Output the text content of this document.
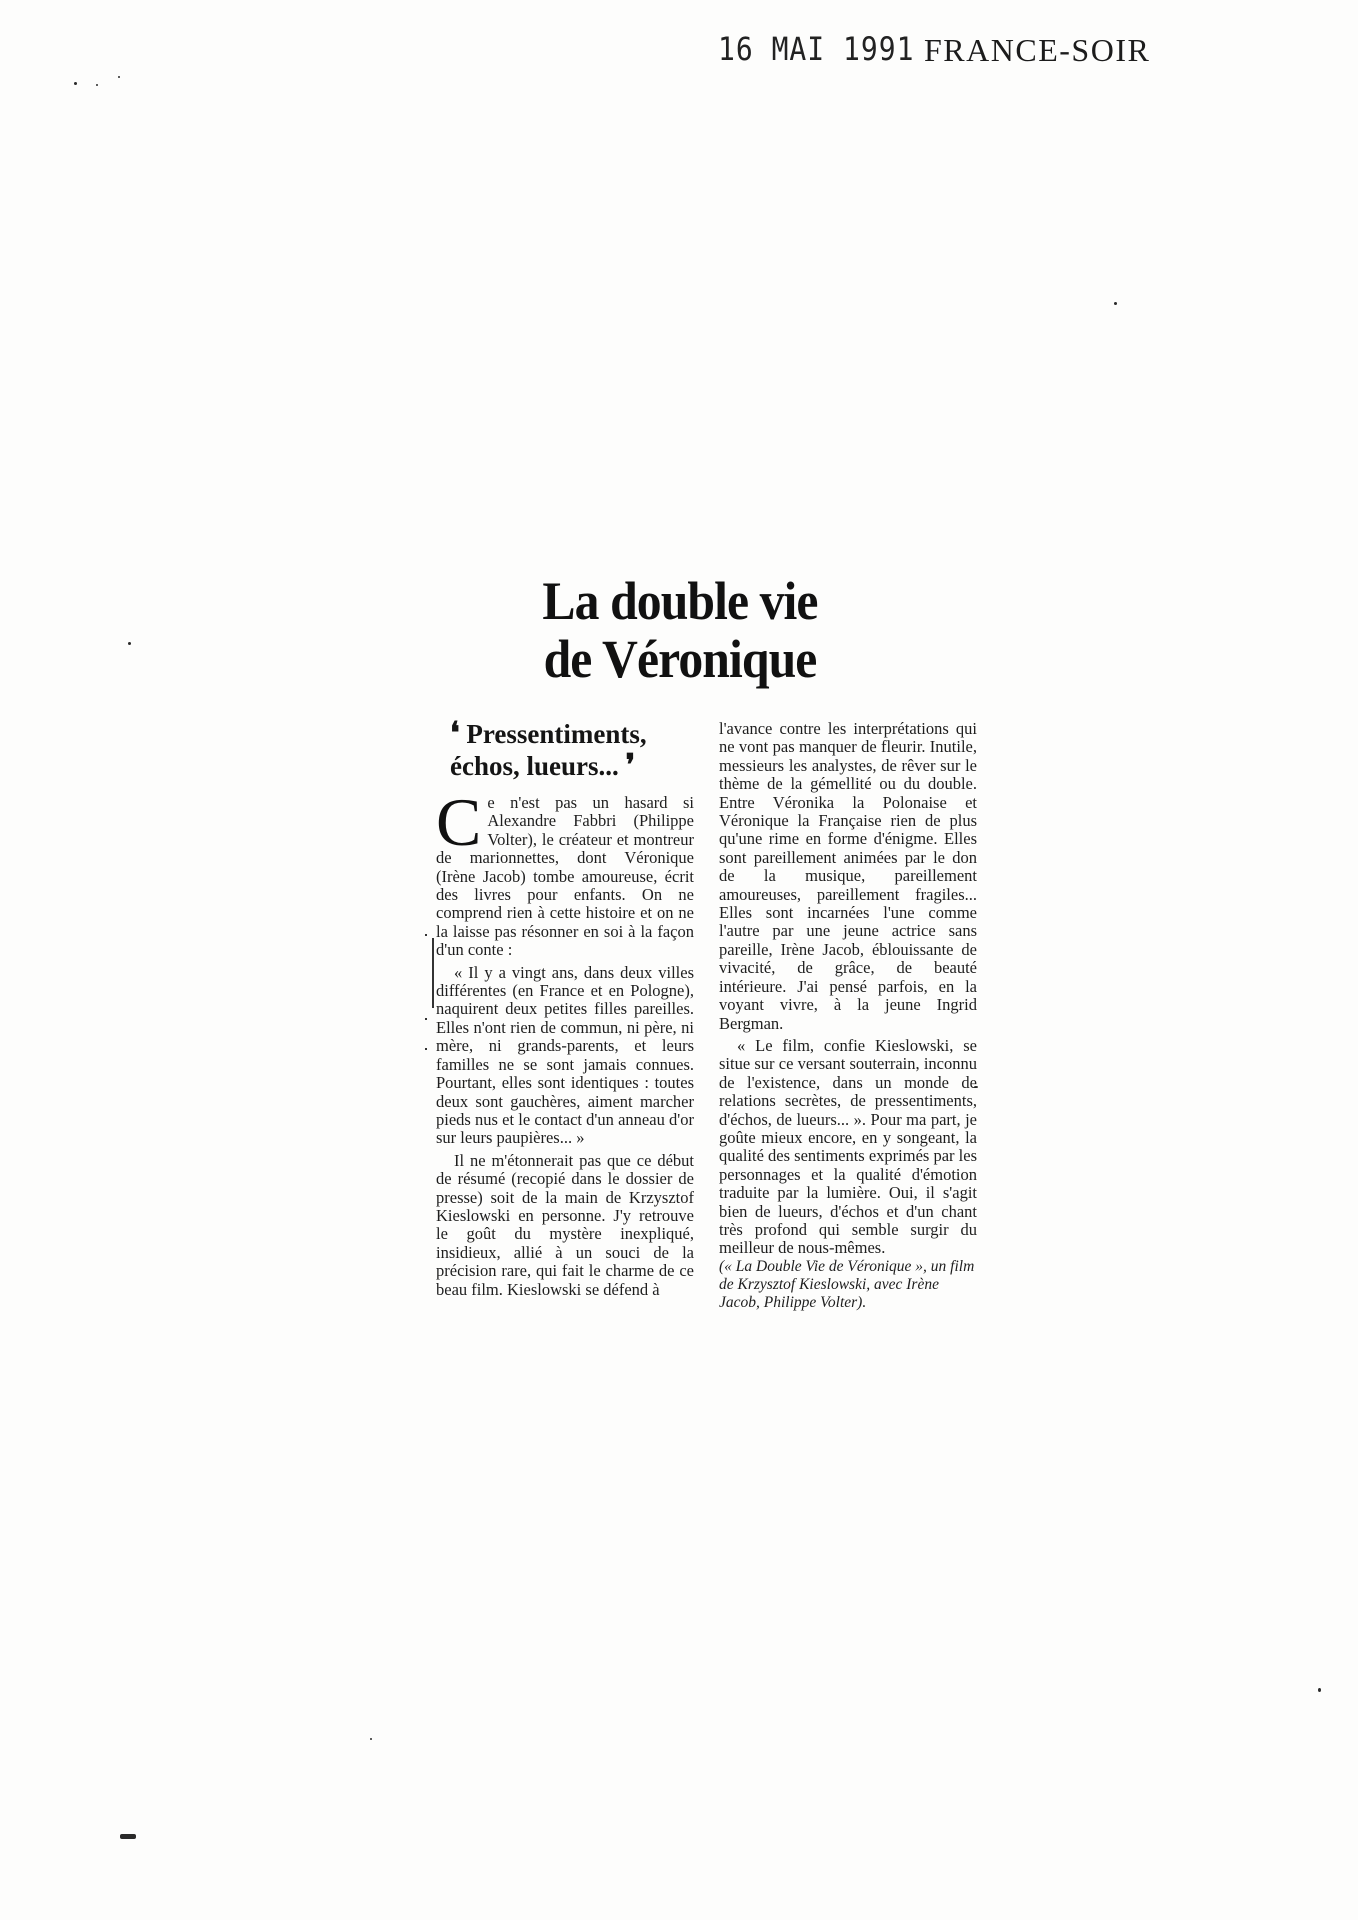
16 MAI 1991 FRANCE-SOIR
La double vie
de Véronique
❛ Pressentiments,
échos, lueurs... ❜

Ce n'est pas un hasard si Alexandre Fabbri (Philippe Volter), le créateur et montreur de marionnettes, dont Véronique (Irène Jacob) tombe amoureuse, écrit des livres pour enfants. On ne comprend rien à cette histoire et on ne la laisse pas résonner en soi à la façon d'un conte :

« Il y a vingt ans, dans deux villes différentes (en France et en Pologne), naquirent deux petites filles pareilles. Elles n'ont rien de commun, ni père, ni mère, ni grands-parents, et leurs familles ne se sont jamais connues. Pourtant, elles sont identiques : toutes deux sont gauchères, aiment marcher pieds nus et le contact d'un anneau d'or sur leurs paupières... »

Il ne m'étonnerait pas que ce début de résumé (recopié dans le dossier de presse) soit de la main de Krzysztof Kieslowski en personne. J'y retrouve le goût du mystère inexpliqué, insidieux, allié à un souci de la précision rare, qui fait le charme de ce beau film. Kieslowski se défend à

l'avance contre les interprétations qui ne vont pas manquer de fleurir. Inutile, messieurs les analystes, de rêver sur le thème de la gémellité ou du double. Entre Véronika la Polonaise et Véronique la Française rien de plus qu'une rime en forme d'énigme. Elles sont pareillement animées par le don de la musique, pareillement amoureuses, pareillement fragiles... Elles sont incarnées l'une comme l'autre par une jeune actrice sans pareille, Irène Jacob, éblouissante de vivacité, de grâce, de beauté intérieure. J'ai pensé parfois, en la voyant vivre, à la jeune Ingrid Bergman.

« Le film, confie Kieslowski, se situe sur ce versant souterrain, inconnu de l'existence, dans un monde de relations secrètes, de pressentiments, d'échos, de lueurs... ». Pour ma part, je goûte mieux encore, en y songeant, la qualité des sentiments exprimés par les personnages et la qualité d'émotion traduite par la lumière. Oui, il s'agit bien de lueurs, d'échos et d'un chant très profond qui semble surgir du meilleur de nous-mêmes.

(« La Double Vie de Véronique », un film de Krzysztof Kieslowski, avec Irène Jacob, Philippe Volter).
